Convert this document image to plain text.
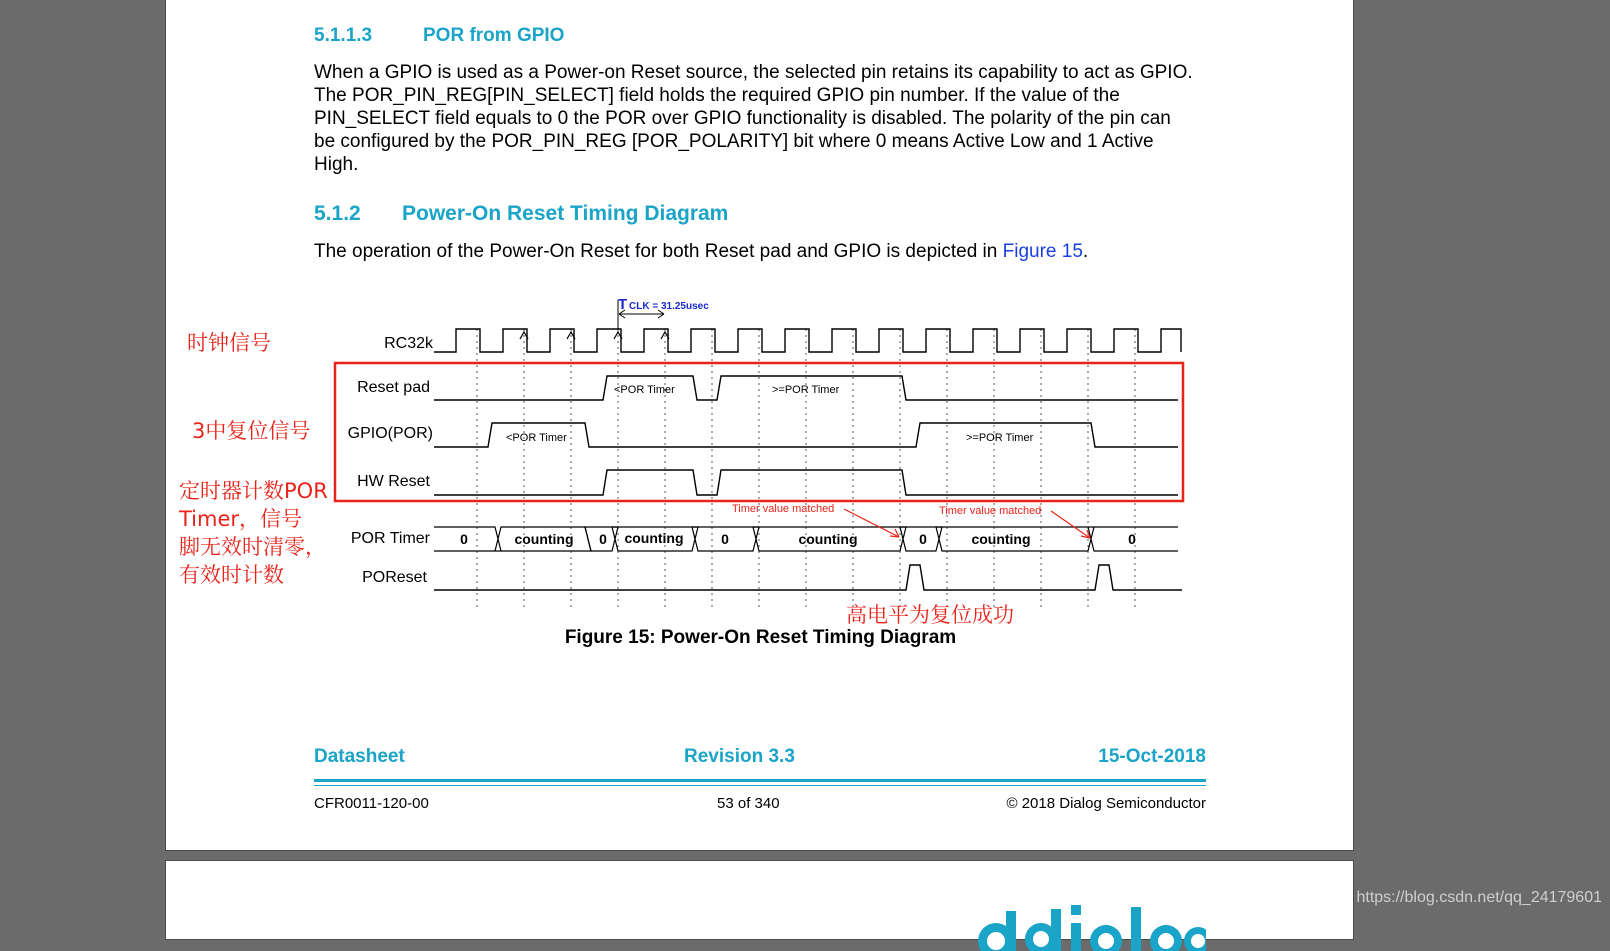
5.1.1.3	POR from GPIO

When a GPIO is used as a Power-on Reset source, the selected pin retains its capability to act as GPIO. The POR_PIN_REG[PIN_SELECT] field holds the required GPIO pin number. If the value of the PIN_SELECT field equals to 0 the POR over GPIO functionality is disabled. The polarity of the pin can be configured by the POR_PIN_REG [POR_POLARITY] bit where 0 means Active Low and 1 Active High.

5.1.2 Power-On Reset Timing Diagram

The operation of the Power-On Reset for both Reset pad and GPIO is depicted in Figure 15.

RC32k
Reset pad
GPIO(POR)
HW Reset
POR Timer
POReset
T CLK = 31.25usec
<POR Timer	>=POR Timer
<POR Timer	>=POR Timer
0	counting 0 counting	0	counting	0	counting	0
Timer value matched	Timer value matched

Figure 15: Power-On Reset Timing Diagram

Datasheet	Revision 3.3	15-Oct-2018
CFR0011-120-00	53 of 340	© 2018 Dialog Semiconductor

时钟信号

3中复位信号

定时器计数POR
Timer，信号
脚无效时清零，
有效时计数

高电平为复位成功

https://blog.csdn.net/qq_24179601
